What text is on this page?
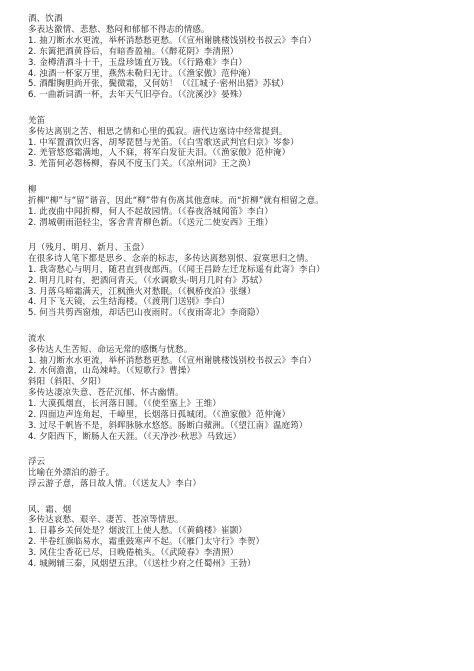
酒、饮酒
多表达激情、悲愁、愁闷和郁郁不得志的情感。
1. 抽刀断水水更流，举杯消愁愁更愁。（《宣州谢朓楼饯别校书叔云》李白）
2. 东篱把酒黄昏后，有暗香盈袖。（《醉花阴》李清照）
3. 金樽清酒斗十千，玉盘珍馐直万钱。（《行路难》李白）
4. 浊酒一杯家万里，燕然未勒归无计。（《渔家傲》范仲淹）
5. 酒酣胸胆尚开张，鬓微霜，又何妨！（《江城子·密州出猎》苏轼）
6. 一曲新词酒一杯，去年天气旧亭台。（《浣溪沙》晏殊）
羌笛
多传达离别之苦、相思之情和心里的孤寂。唐代边塞诗中经常提到。
1. 中军置酒饮归客，胡琴琵琶与羌笛。（《白雪歌送武判官归京》岑参）
2. 羌管悠悠霜满地，人不寐，将军白发征夫泪。（《渔家傲》范仲淹）
3. 羌笛何必怨杨柳，春风不度玉门关。（《凉州词》王之涣）
柳
折柳“柳”与“留”谐音，因此“柳”带有伤离其他意味。而“折柳”就有相留之意。
1. 此夜曲中闻折柳，何人不起故园情。（《春夜洛城闻笛》李白）
2. 渭城朝雨浥轻尘，客舍青青柳色新。（《送元二使安西》王维）
月（残月、明月、新月、玉盘）
在很多诗人笔下都是思乡、念亲的标志，多传达离愁别恨、寂寞思归之情。
1. 我寄愁心与明月，随君直到夜郎西。（《闻王昌龄左迁龙标遥有此寄》李白）
2. 明月几时有，把酒问青天。（《水调歌头·明月几时有》苏轼）
3. 月落乌啼霜满天，江枫渔火对愁眠。（《枫桥夜泊》张继）
4. 月下飞天镜，云生结海楼。（《渡荆门送别》李白）
5. 何当共剪西窗烛，却话巴山夜雨时。（《夜雨寄北》李商隐）
流水
多传达人生苦短、命运无常的感慨与忧愁。
1. 抽刀断水水更流，举杯消愁愁更愁。（《宣州谢朓楼饯别校书叔云》李白）
2. 水何澹澹，山岛竦峙。（《短歌行》曹操）
斜阳（斜阳、夕阳）
多传达凄凉失意、苍茫沉郁、怀古幽情。
1. 大漠孤烟直，长河落日圆。（《使至塞上》王维）
2. 四面边声连角起，千嶂里，长烟落日孤城闭。（《渔家傲》范仲淹）
3. 过尽千帆皆不是，斜晖脉脉水悠悠。肠断白蘋洲。（《望江南》温庭筠）
4. 夕阳西下，断肠人在天涯。（《天净沙·秋思》马致远）
浮云
比喻在外漂泊的游子。
浮云游子意，落日故人情。（《送友人》李白）
风、霜、烟
多传达哀愁、艰辛、凄苦、苍凉等情思。
1. 日暮乡关何处是？烟波江上使人愁。（《黄鹤楼》崔颢）
2. 半卷红旗临易水，霜重鼓寒声不起。（《雁门太守行》李贺）
3. 风住尘香花已尽，日晚倦梳头。（《武陵春》李清照）
4. 城阙辅三秦，风烟望五津。（《送杜少府之任蜀州》王勃）
